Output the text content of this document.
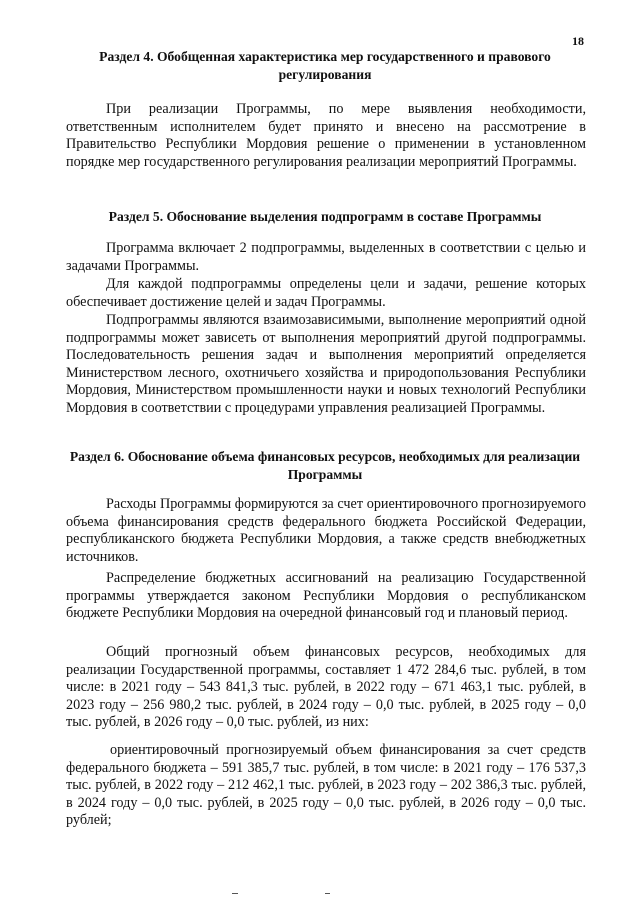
18
Раздел 4. Обобщенная характеристика мер государственного и правового регулирования
При реализации Программы, по мере выявления необходимости, ответственным исполнителем будет принято и внесено на рассмотрение в Правительство Республики Мордовия решение о применении в установленном порядке мер государственного регулирования реализации мероприятий Программы.
Раздел 5. Обоснование выделения подпрограмм в составе Программы
Программа включает 2 подпрограммы, выделенных в соответствии с целью и задачами Программы.
Для каждой подпрограммы определены цели и задачи, решение которых обеспечивает достижение целей и задач Программы.
Подпрограммы являются взаимозависимыми, выполнение мероприятий одной подпрограммы может зависеть от выполнения мероприятий другой подпрограммы. Последовательность решения задач и выполнения мероприятий определяется Министерством лесного, охотничьего хозяйства и природопользования Республики Мордовия, Министерством промышленности науки и новых технологий Республики Мордовия в соответствии с процедурами управления реализацией Программы.
Раздел 6. Обоснование объема финансовых ресурсов, необходимых для реализации Программы
Расходы Программы формируются за счет ориентировочного прогнозируемого объема финансирования средств федерального бюджета Российской Федерации, республиканского бюджета Республики Мордовия, а также средств внебюджетных источников.
Распределение бюджетных ассигнований на реализацию Государственной программы утверждается законом Республики Мордовия о республиканском бюджете Республики Мордовия на очередной финансовый год и плановый период.
Общий прогнозный объем финансовых ресурсов, необходимых для реализации Государственной программы, составляет 1 472 284,6 тыс. рублей, в том числе: в 2021 году – 543 841,3 тыс. рублей, в 2022 году – 671 463,1 тыс. рублей, в 2023 году – 256 980,2 тыс. рублей, в 2024 году – 0,0 тыс. рублей, в 2025 году – 0,0 тыс. рублей, в 2026 году – 0,0 тыс. рублей, из них:
ориентировочный прогнозируемый объем финансирования за счет средств федерального бюджета – 591 385,7 тыс. рублей, в том числе: в 2021 году – 176 537,3 тыс. рублей, в 2022 году – 212 462,1 тыс. рублей, в 2023 году – 202 386,3 тыс. рублей, в 2024 году – 0,0 тыс. рублей, в 2025 году – 0,0 тыс. рублей, в 2026 году – 0,0 тыс. рублей;
